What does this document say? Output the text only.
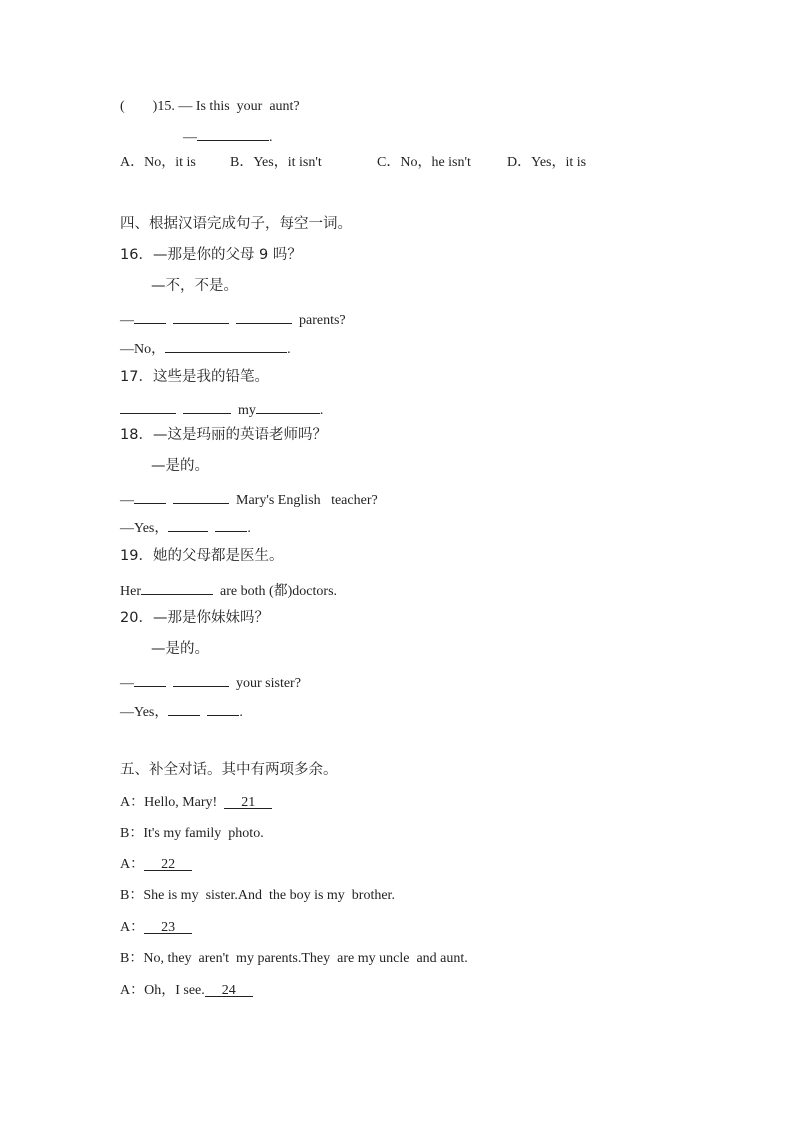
(        )15. — Is this  your  aunt?
—	.
A．No，it is B．Yes，it isn't	C．No，he isn't	D．Yes，it is
四、根据汉语完成句子，每空一词。
16．—那是你的父母 9 吗？
—不，不是。
—	parents?
—No，	.
17．这些是我的铅笔。
my	.
18．—这是玛丽的英语老师吗？
—是的。
—	Mary's English   teacher?
—Yes，	.
19．她的父母都是医生。
Her	are both (都)doctors.
20．—那是你妹妹吗？
—是的。
—	your sister?
—Yes，	.
五、补全对话。其中有两项多余。
A：Hello, Mary! 21
B：It's my family  photo.
A： 22
B：She is my  sister.And  the boy is my  brother.
A： 23
B：No, they  aren't  my parents.They  are my uncle  and aunt.
A：Oh，I see. 24
